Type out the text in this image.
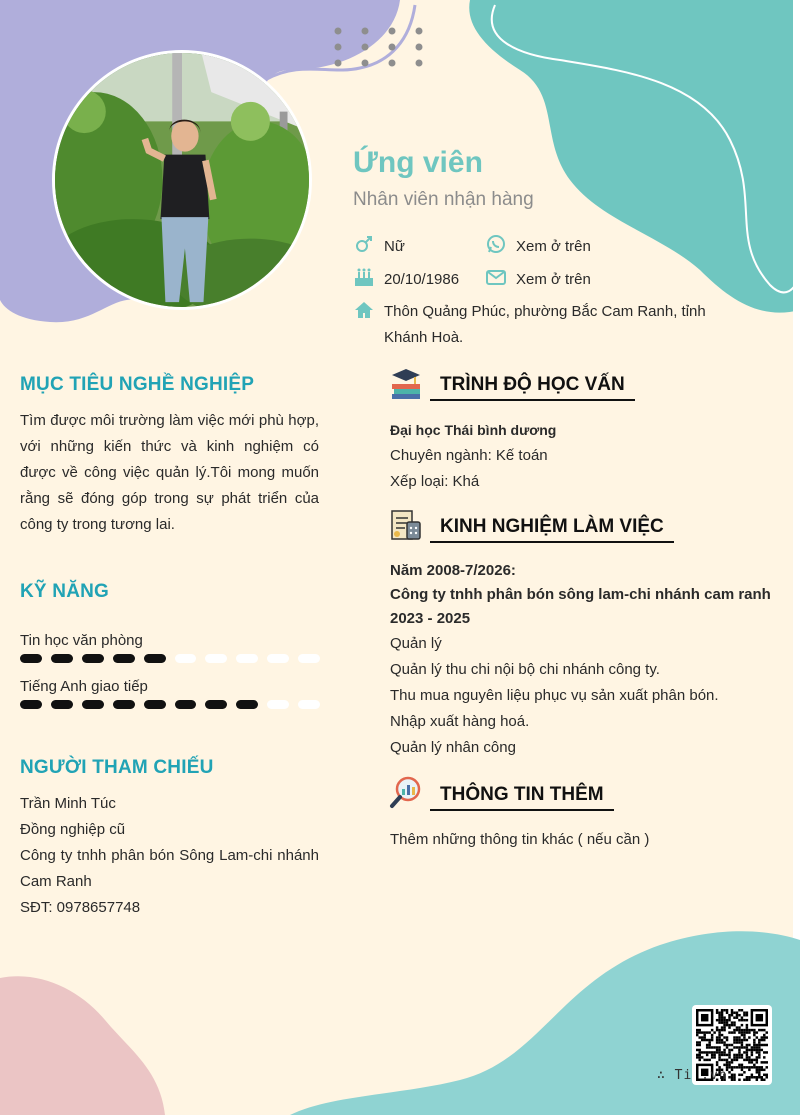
Ứng viên
Nhân viên nhận hàng
Nữ	Xem ở trên
20/10/1986	Xem ở trên
Thôn Quảng Phúc, phường Bắc Cam Ranh, tỉnh
Khánh Hoà.
MỤC TIÊU NGHỀ NGHIỆP
Tìm được môi trường làm việc mới phù hợp, với những kiến thức và kinh nghiệm có được về công việc quản lý.Tôi mong muốn rằng sẽ đóng góp trong sự phát triển của công ty trong tương lai.
KỸ NĂNG
Tin học văn phòng
Tiếng Anh giao tiếp
NGƯỜI THAM CHIẾU
Trần Minh Túc
Đồng nghiệp cũ
Công ty tnhh phân bón Sông Lam-chi nhánh Cam Ranh
SĐT: 0978657748
TRÌNH ĐỘ HỌC VẤN
Đại học Thái bình dương
Chuyên ngành: Kế toán
Xếp loại: Khá
KINH NGHIỆM LÀM VIỆC
Năm 2008-7/2026:
Công ty tnhh phân bón sông lam-chi nhánh cam ranh
2023 - 2025
Quản lý
Quản lý thu chi nội bộ chi nhánh công ty.
Thu mua nguyên liệu phục vụ sản xuất phân bón.
Nhập xuất hàng hoá.
Quản lý nhân công
THÔNG TIN THÊM
Thêm những thông tin khác ( nếu cần )
∴ Ti .vn
